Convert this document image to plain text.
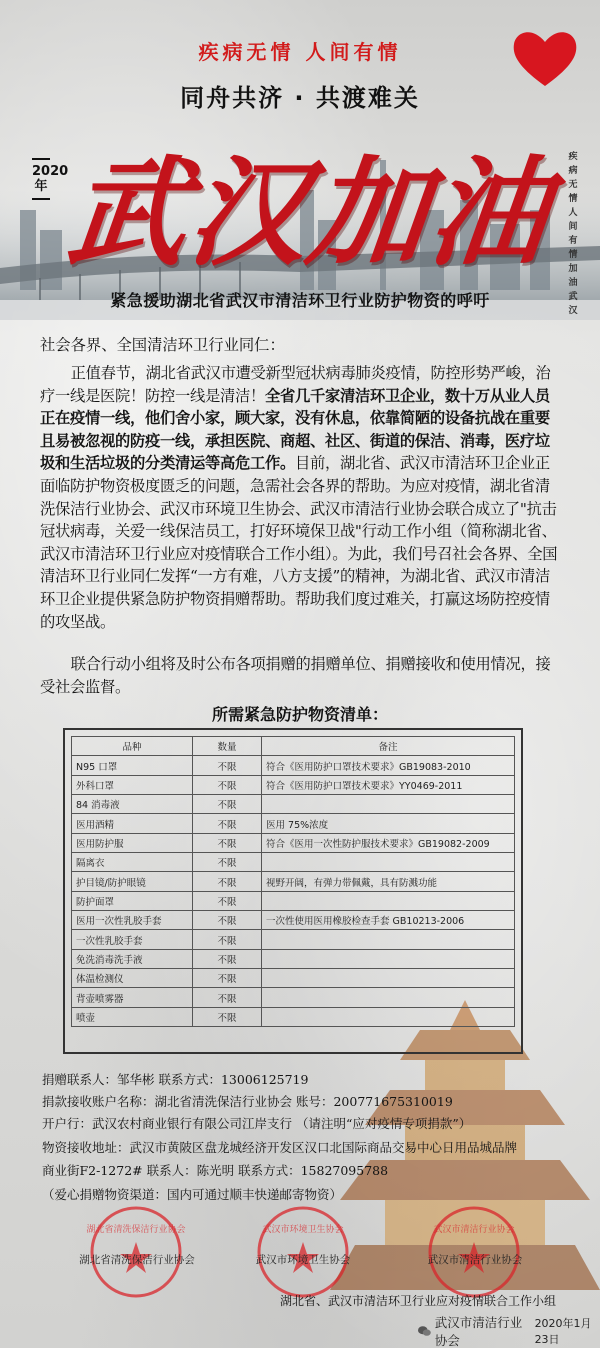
疾病无情 人间有情
同舟共济 · 共渡难关
2020年
疾病无情 人间有情 加油 武汉
武汉加油
紧急援助湖北省武汉市清洁环卫行业防护物资的呼吁
社会各界、全国清洁环卫行业同仁：
正值春节，湖北省武汉市遭受新型冠状病毒肺炎疫情，防控形势严峻，治疗一线是医院！防控一线是清洁！全省几千家清洁环卫企业，数十万从业人员正在疫情一线，他们舍小家，顾大家，没有休息，依靠简陋的设备抗战在重要且易被忽视的防疫一线，承担医院、商超、社区、街道的保洁、消毒，医疗垃圾和生活垃圾的分类清运等高危工作。目前，湖北省、武汉市清洁环卫企业正面临防护物资极度匮乏的问题，急需社会各界的帮助。为应对疫情，湖北省清洗保洁行业协会、武汉市环境卫生协会、武汉市清洁行业协会联合成立了"抗击冠状病毒，关爱一线保洁员工，打好环境保卫战"行动工作小组（简称湖北省、武汉市清洁环卫行业应对疫情联合工作小组）。为此，我们号召社会各界、全国清洁环卫行业同仁发挥“一方有难，八方支援”的精神，为湖北省、武汉市清洁环卫企业提供紧急防护物资捐赠帮助。帮助我们度过难关，打赢这场防控疫情的攻坚战。
联合行动小组将及时公布各项捐赠的捐赠单位、捐赠接收和使用情况，接受社会监督。
所需紧急防护物资清单：
品种	数量	备注
N95 口罩	不限	符合《医用防护口罩技术要求》GB19083-2010
外科口罩	不限	符合《医用防护口罩技术要求》YY0469-2011
84 消毒液	不限	
医用酒精	不限	医用 75%浓度
医用防护服	不限	符合《医用一次性防护服技术要求》GB19082-2009
隔离衣	不限	
护目镜/防护眼镜	不限	视野开阔，有弹力带佩戴，具有防溅功能
防护面罩	不限	
医用一次性乳胶手套	不限	一次性使用医用橡胶检查手套 GB10213-2006
一次性乳胶手套	不限	
免洗消毒洗手液	不限	
体温检测仪	不限	
背壶喷雾器	不限	
喷壶	不限	
捐赠联系人：邹华彬 联系方式：13006125719
捐款接收账户名称：湖北省清洗保洁行业协会 账号：2007716753100​19
开户行：武汉农村商业银行有限公司江岸支行 （请注明“应对疫情专项捐款”）
物资接收地址：武汉市黄陂区盘龙城经济开发区汉口北国际商品交易中心日用品城品牌
商业街F2-1272# 联系人：陈光明 联系方式：15827095788
（爱心捐赠物资渠道：国内可通过顺丰快递邮寄物资）
湖北省清洗保洁行业协会
湖北省清洗保洁行业协会
武汉市环境卫生协会
武汉市环境卫生协会
武汉市清洁行业协会
武汉市清洁行业协会
湖北省、武汉市清洁环卫行业应对疫情联合工作小组
武汉市清洁行业协会
2020年1月23日
